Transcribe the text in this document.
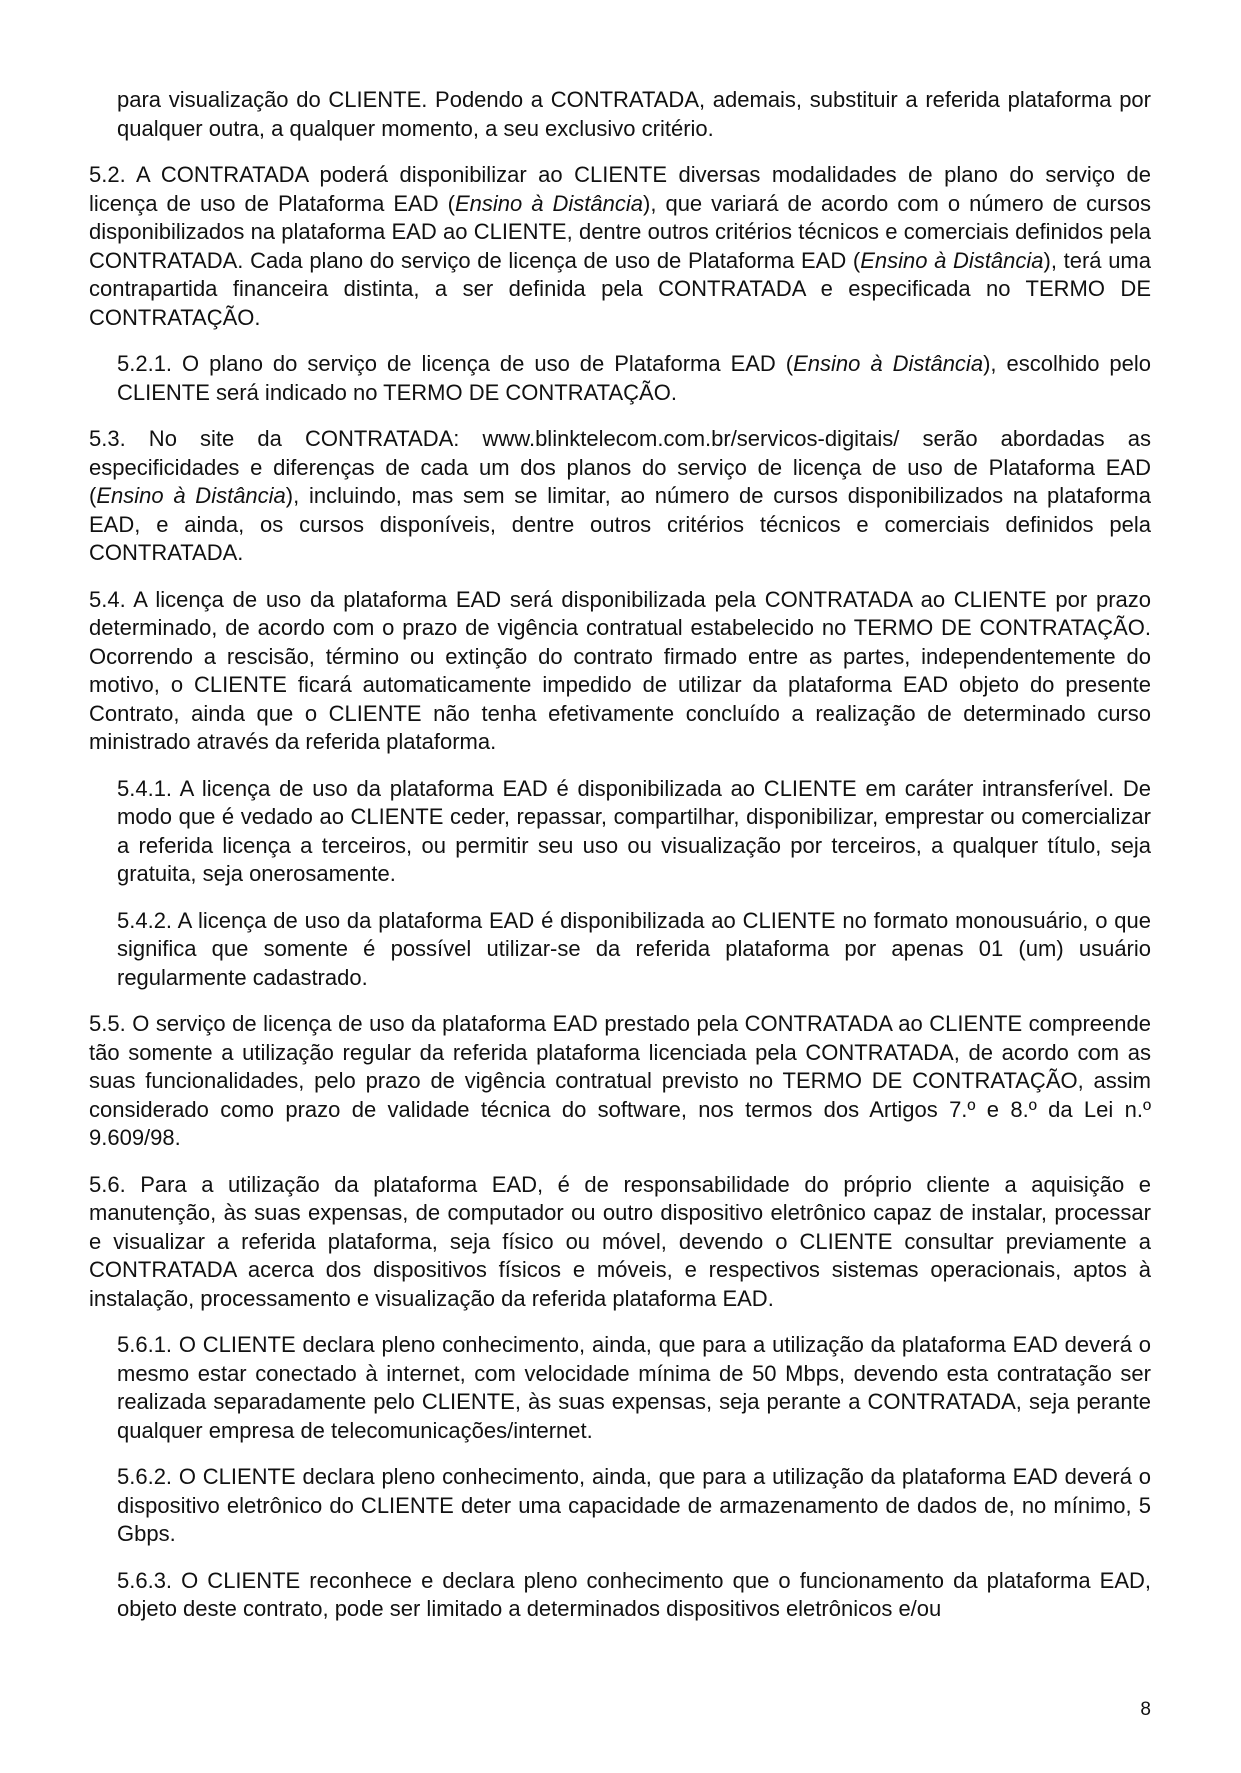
para visualização do CLIENTE. Podendo a CONTRATADA, ademais, substituir a referida plataforma por qualquer outra, a qualquer momento, a seu exclusivo critério.

5.2. A CONTRATADA poderá disponibilizar ao CLIENTE diversas modalidades de plano do serviço de licença de uso de Plataforma EAD (Ensino à Distância), que variará de acordo com o número de cursos disponibilizados na plataforma EAD ao CLIENTE, dentre outros critérios técnicos e comerciais definidos pela CONTRATADA. Cada plano do serviço de licença de uso de Plataforma EAD (Ensino à Distância), terá uma contrapartida financeira distinta, a ser definida pela CONTRATADA e especificada no TERMO DE CONTRATAÇÃO.

5.2.1. O plano do serviço de licença de uso de Plataforma EAD (Ensino à Distância), escolhido pelo CLIENTE será indicado no TERMO DE CONTRATAÇÃO.

5.3. No site da CONTRATADA: www.blinktelecom.com.br/servicos-digitais/ serão abordadas as especificidades e diferenças de cada um dos planos do serviço de licença de uso de Plataforma EAD (Ensino à Distância), incluindo, mas sem se limitar, ao número de cursos disponibilizados na plataforma EAD, e ainda, os cursos disponíveis, dentre outros critérios técnicos e comerciais definidos pela CONTRATADA.

5.4. A licença de uso da plataforma EAD será disponibilizada pela CONTRATADA ao CLIENTE por prazo determinado, de acordo com o prazo de vigência contratual estabelecido no TERMO DE CONTRATAÇÃO. Ocorrendo a rescisão, término ou extinção do contrato firmado entre as partes, independentemente do motivo, o CLIENTE ficará automaticamente impedido de utilizar da plataforma EAD objeto do presente Contrato, ainda que o CLIENTE não tenha efetivamente concluído a realização de determinado curso ministrado através da referida plataforma.

5.4.1. A licença de uso da plataforma EAD é disponibilizada ao CLIENTE em caráter intransferível. De modo que é vedado ao CLIENTE ceder, repassar, compartilhar, disponibilizar, emprestar ou comercializar a referida licença a terceiros, ou permitir seu uso ou visualização por terceiros, a qualquer título, seja gratuita, seja onerosamente.

5.4.2. A licença de uso da plataforma EAD é disponibilizada ao CLIENTE no formato monousuário, o que significa que somente é possível utilizar-se da referida plataforma por apenas 01 (um) usuário regularmente cadastrado.

5.5. O serviço de licença de uso da plataforma EAD prestado pela CONTRATADA ao CLIENTE compreende tão somente a utilização regular da referida plataforma licenciada pela CONTRATADA, de acordo com as suas funcionalidades, pelo prazo de vigência contratual previsto no TERMO DE CONTRATAÇÃO, assim considerado como prazo de validade técnica do software, nos termos dos Artigos 7.º e 8.º da Lei n.º 9.609/98.

5.6. Para a utilização da plataforma EAD, é de responsabilidade do próprio cliente a aquisição e manutenção, às suas expensas, de computador ou outro dispositivo eletrônico capaz de instalar, processar e visualizar a referida plataforma, seja físico ou móvel, devendo o CLIENTE consultar previamente a CONTRATADA acerca dos dispositivos físicos e móveis, e respectivos sistemas operacionais, aptos à instalação, processamento e visualização da referida plataforma EAD.

5.6.1. O CLIENTE declara pleno conhecimento, ainda, que para a utilização da plataforma EAD deverá o mesmo estar conectado à internet, com velocidade mínima de 50 Mbps, devendo esta contratação ser realizada separadamente pelo CLIENTE, às suas expensas, seja perante a CONTRATADA, seja perante qualquer empresa de telecomunicações/internet.

5.6.2. O CLIENTE declara pleno conhecimento, ainda, que para a utilização da plataforma EAD deverá o dispositivo eletrônico do CLIENTE deter uma capacidade de armazenamento de dados de, no mínimo, 5 Gbps.

5.6.3. O CLIENTE reconhece e declara pleno conhecimento que o funcionamento da plataforma EAD, objeto deste contrato, pode ser limitado a determinados dispositivos eletrônicos e/ou

8
